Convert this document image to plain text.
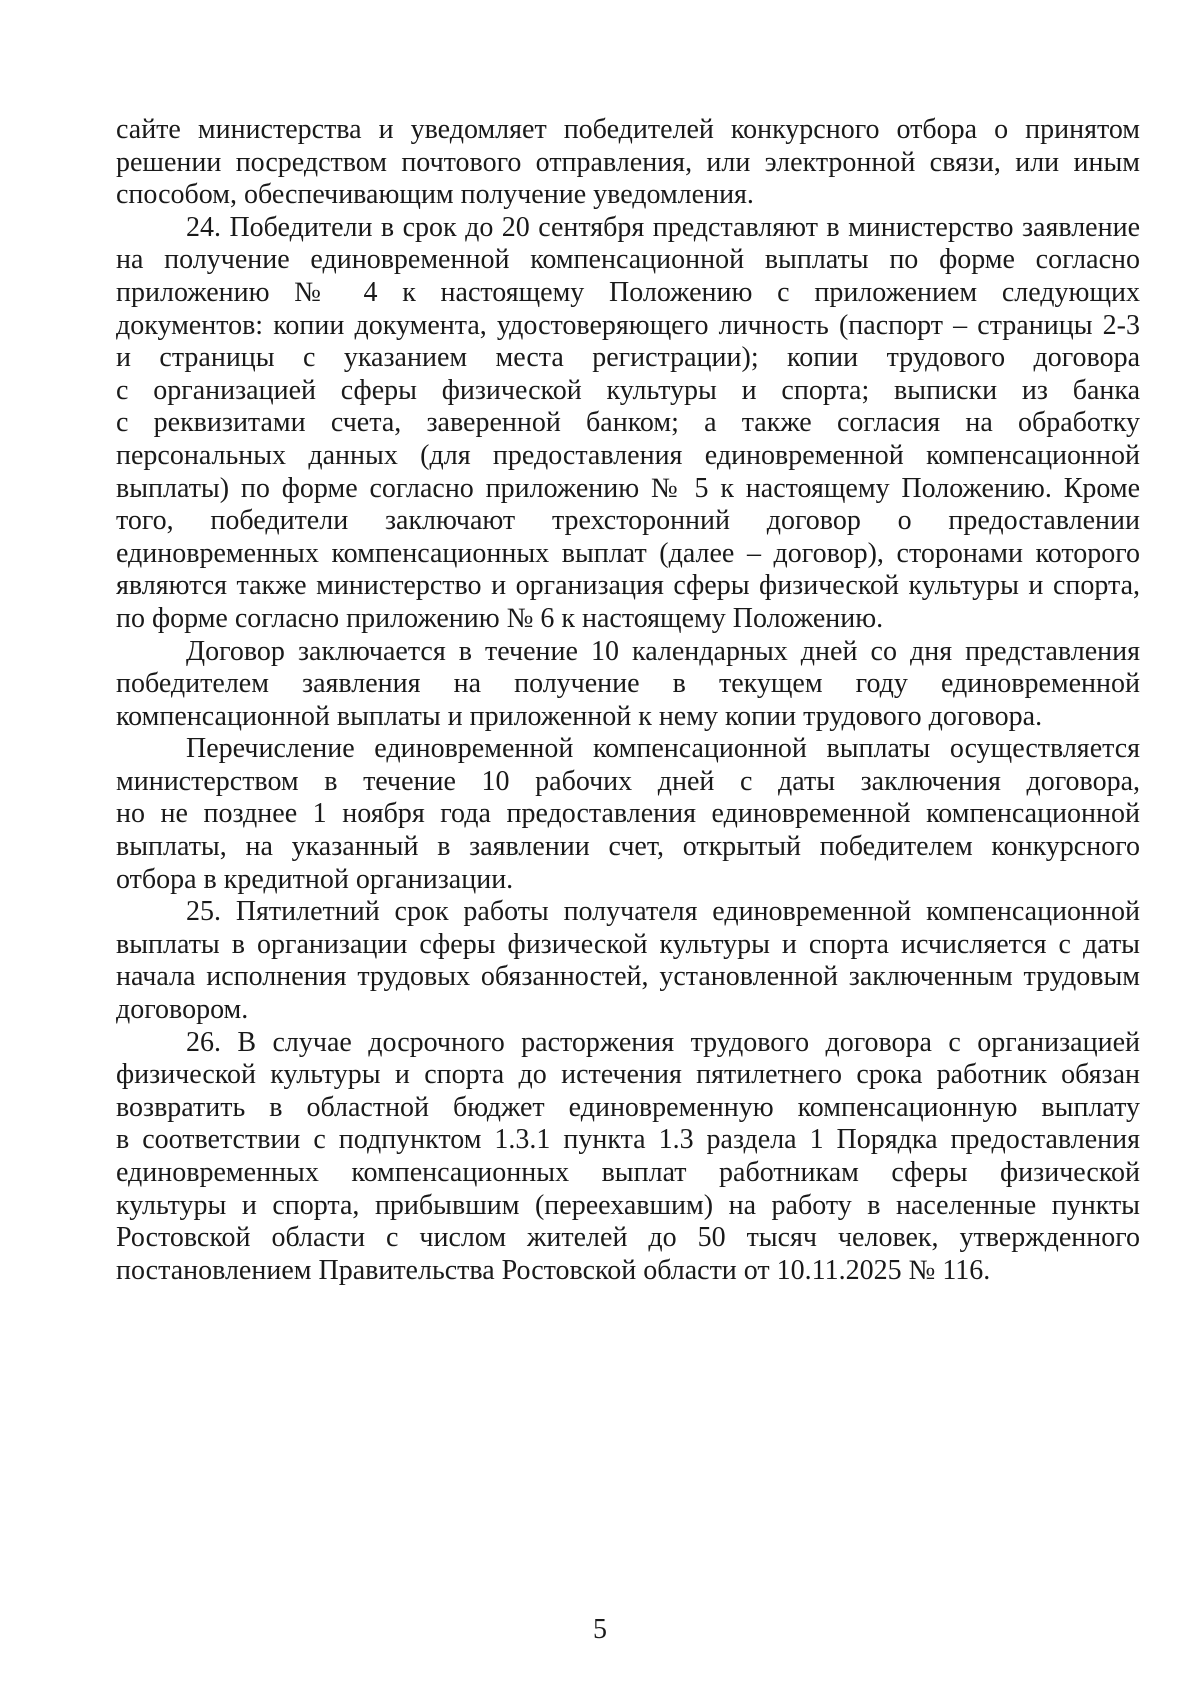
сайте министерства и уведомляет победителей конкурсного отбора о принятом
решении посредством почтового отправления, или электронной связи, или иным
способом, обеспечивающим получение уведомления.
24. Победители в срок до 20 сентября представляют в министерство заявление
на получение единовременной компенсационной выплаты по форме согласно
приложению № 4 к настоящему Положению с приложением следующих
документов: копии документа, удостоверяющего личность (паспорт – страницы 2-3
и страницы с указанием места регистрации); копии трудового договора
с организацией сферы физической культуры и спорта; выписки из банка
с реквизитами счета, заверенной банком; а также согласия на обработку
персональных данных (для предоставления единовременной компенсационной
выплаты) по форме согласно приложению № 5 к настоящему Положению. Кроме
того, победители заключают трехсторонний договор о предоставлении
единовременных компенсационных выплат (далее – договор), сторонами которого
являются также министерство и организация сферы физической культуры и спорта,
по форме согласно приложению № 6 к настоящему Положению.
Договор заключается в течение 10 календарных дней со дня представления
победителем заявления на получение в текущем году единовременной
компенсационной выплаты и приложенной к нему копии трудового договора.
Перечисление единовременной компенсационной выплаты осуществляется
министерством в течение 10 рабочих дней с даты заключения договора,
но не позднее 1 ноября года предоставления единовременной компенсационной
выплаты, на указанный в заявлении счет, открытый победителем конкурсного
отбора в кредитной организации.
25. Пятилетний срок работы получателя единовременной компенсационной
выплаты в организации сферы физической культуры и спорта исчисляется с даты
начала исполнения трудовых обязанностей, установленной заключенным трудовым
договором.
26. В случае досрочного расторжения трудового договора с организацией
физической культуры и спорта до истечения пятилетнего срока работник обязан
возвратить в областной бюджет единовременную компенсационную выплату
в соответствии с подпунктом 1.3.1 пункта 1.3 раздела 1 Порядка предоставления
единовременных компенсационных выплат работникам сферы физической
культуры и спорта, прибывшим (переехавшим) на работу в населенные пункты
Ростовской области с числом жителей до 50 тысяч человек, утвержденного
постановлением Правительства Ростовской области от 10.11.2025 № 116.
5
